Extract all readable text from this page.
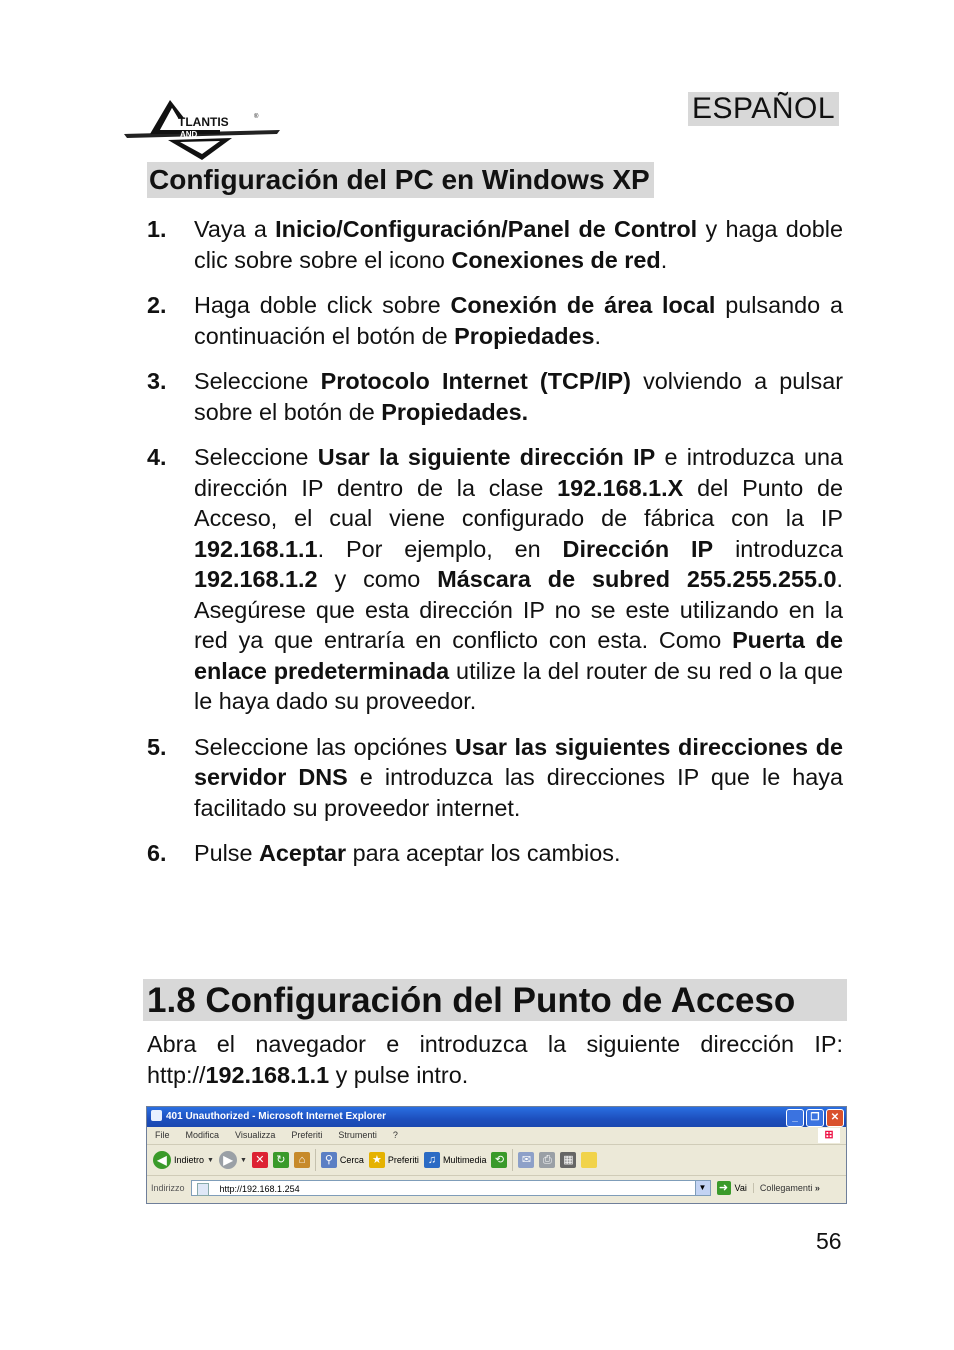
TLANTIS	®
AND
ESPAÑOL
Configuración del PC en Windows XP
1. Vaya a Inicio/Configuración/Panel de Control y haga doble clic sobre sobre el icono Conexiones de red.
2. Haga doble click sobre Conexión de área local pulsando a continuación el botón de Propiedades.
3. Seleccione Protocolo Internet (TCP/IP) volviendo a pulsar sobre el botón de Propiedades.
4. Seleccione Usar la siguiente dirección IP e introduzca una dirección IP dentro de la clase 192.168.1.X del Punto de Acceso, el cual viene configurado de fábrica con la IP 192.168.1.1. Por ejemplo, en Dirección IP introduzca 192.168.1.2 y como Máscara de subred 255.255.255.0. Asegúrese que esta dirección IP no se este utilizando en la red ya que entraría en conflicto con esta. Como Puerta de enlace predeterminada utilize la del router de su red o la que le haya dado su proveedor.
5. Seleccione las opciónes Usar las siguientes direcciones de servidor DNS e introduzca las direcciones IP que le haya facilitado su proveedor internet.
6. Pulse Aceptar para aceptar los cambios.
1.8 Configuración del Punto de Acceso
Abra el navegador e introduzca la siguiente dirección IP: http://192.168.1.1 y pulse intro.
401 Unauthorized - Microsoft Internet Explorer	_	❐	✕
File Modifica Visualizza Preferiti Strumenti ?	⊞
◀ Indietro ▼ ▶	▼ ✕	↻	⌂	⚲ Cerca ★ Preferiti ♫ Multimedia ⟲	✉	⎙	▦
Indirizzo	http://192.168.1.254	▼ ➜ Vai	Collegamenti »
56
